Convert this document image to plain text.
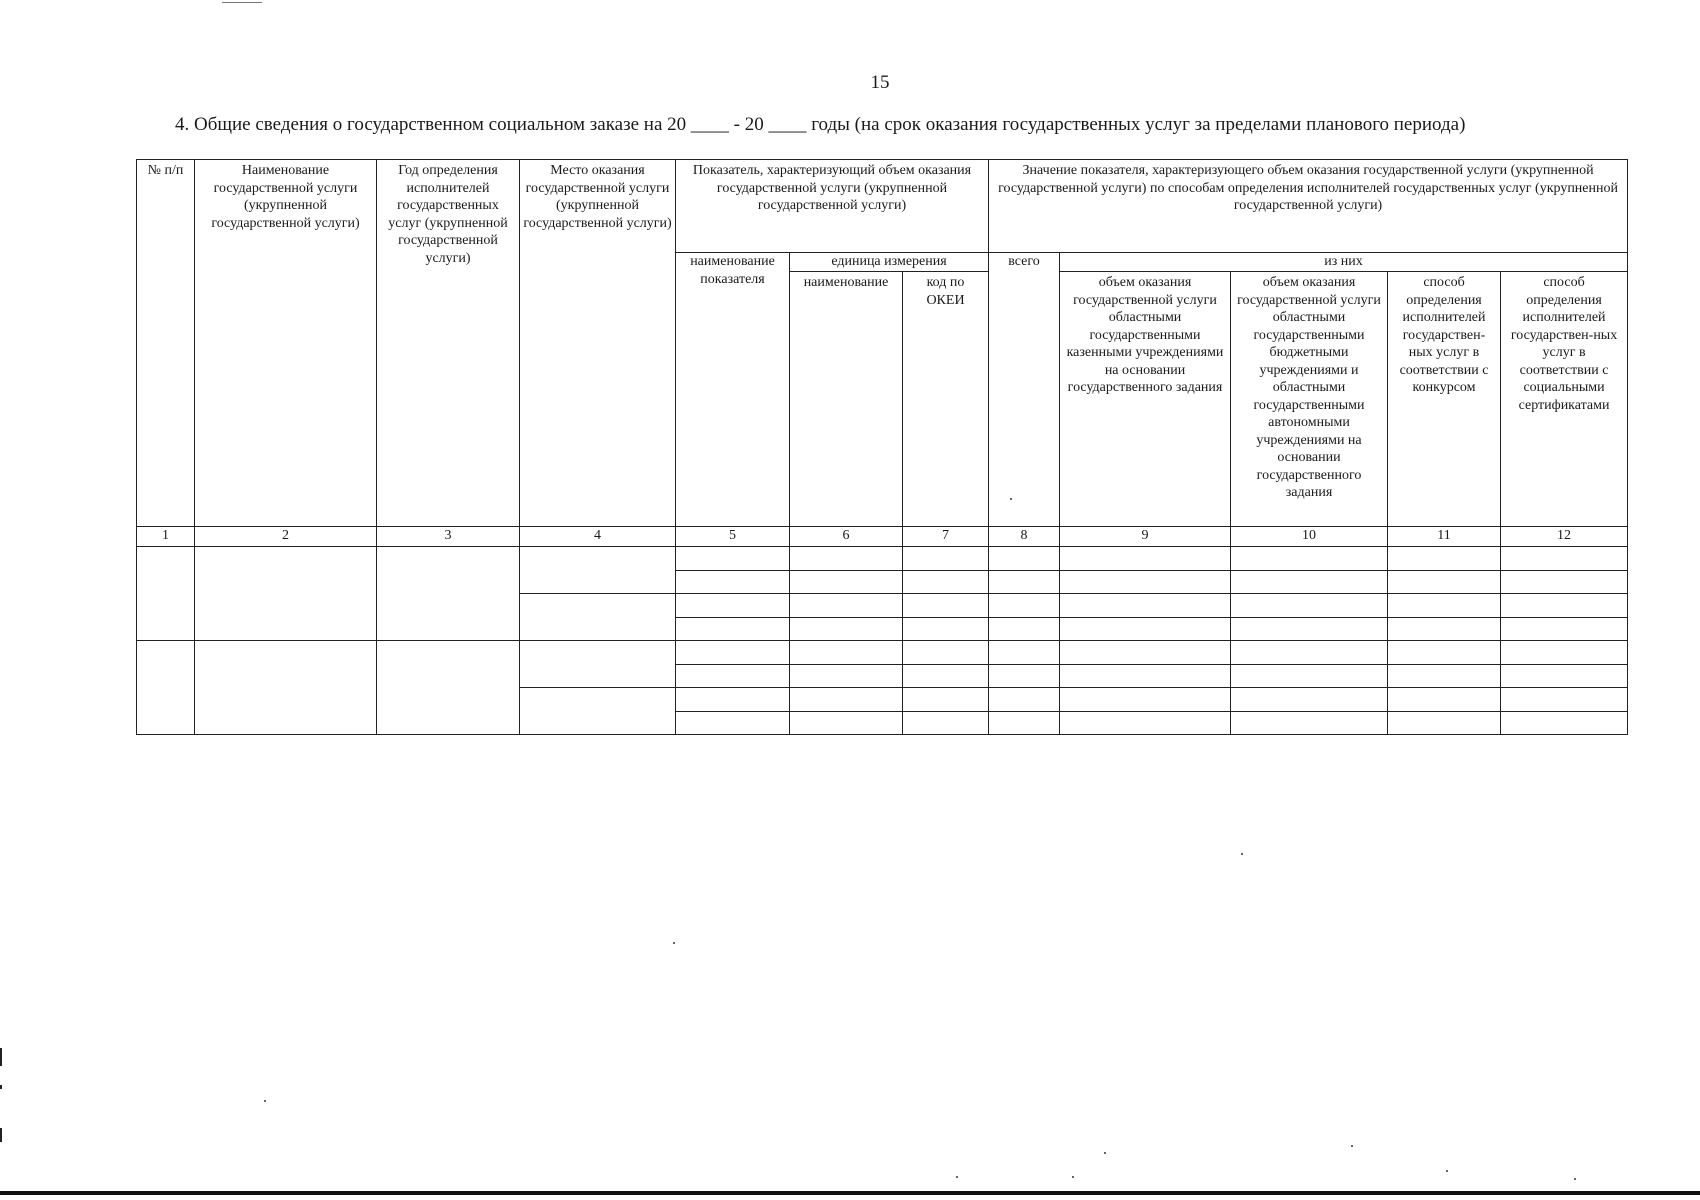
15
4. Общие сведения о государственном социальном заказе на 20 ____ - 20 ____ годы (на срок оказания государственных услуг за пределами планового периода)
№ п/п	Наименование государственной услуги (укрупненной государственной услуги)	Год определения исполнителей государственных услуг (укрупненной государственной услуги)	Место оказания государственной услуги (укрупненной государственной услуги)	Показатель, характеризующий объем оказания государственной услуги (укрупненной государственной услуги)			Значение показателя, характеризующего объем оказания государственной услуги (укрупненной государственной услуги) по способам определения исполнителей государственных услуг (укрупненной государственной услуги)				
				наименование показателя	единица измерения		всего	из них			
					наименование	код по ОКЕИ		объем оказания государственной услуги областными государственными казенными учреждениями на основании государственного задания	объем оказания государственной услуги областными государственными бюджетными учреждениями и областными государственными автономными учреждениями на основании государственного задания	способ определения исполнителей государствен-ных услуг в соответствии с конкурсом	способ определения исполнителей государствен-ных услуг в соответствии с социальными сертификатами
1	2	3	4	5	6	7	8	9	10	11	12
